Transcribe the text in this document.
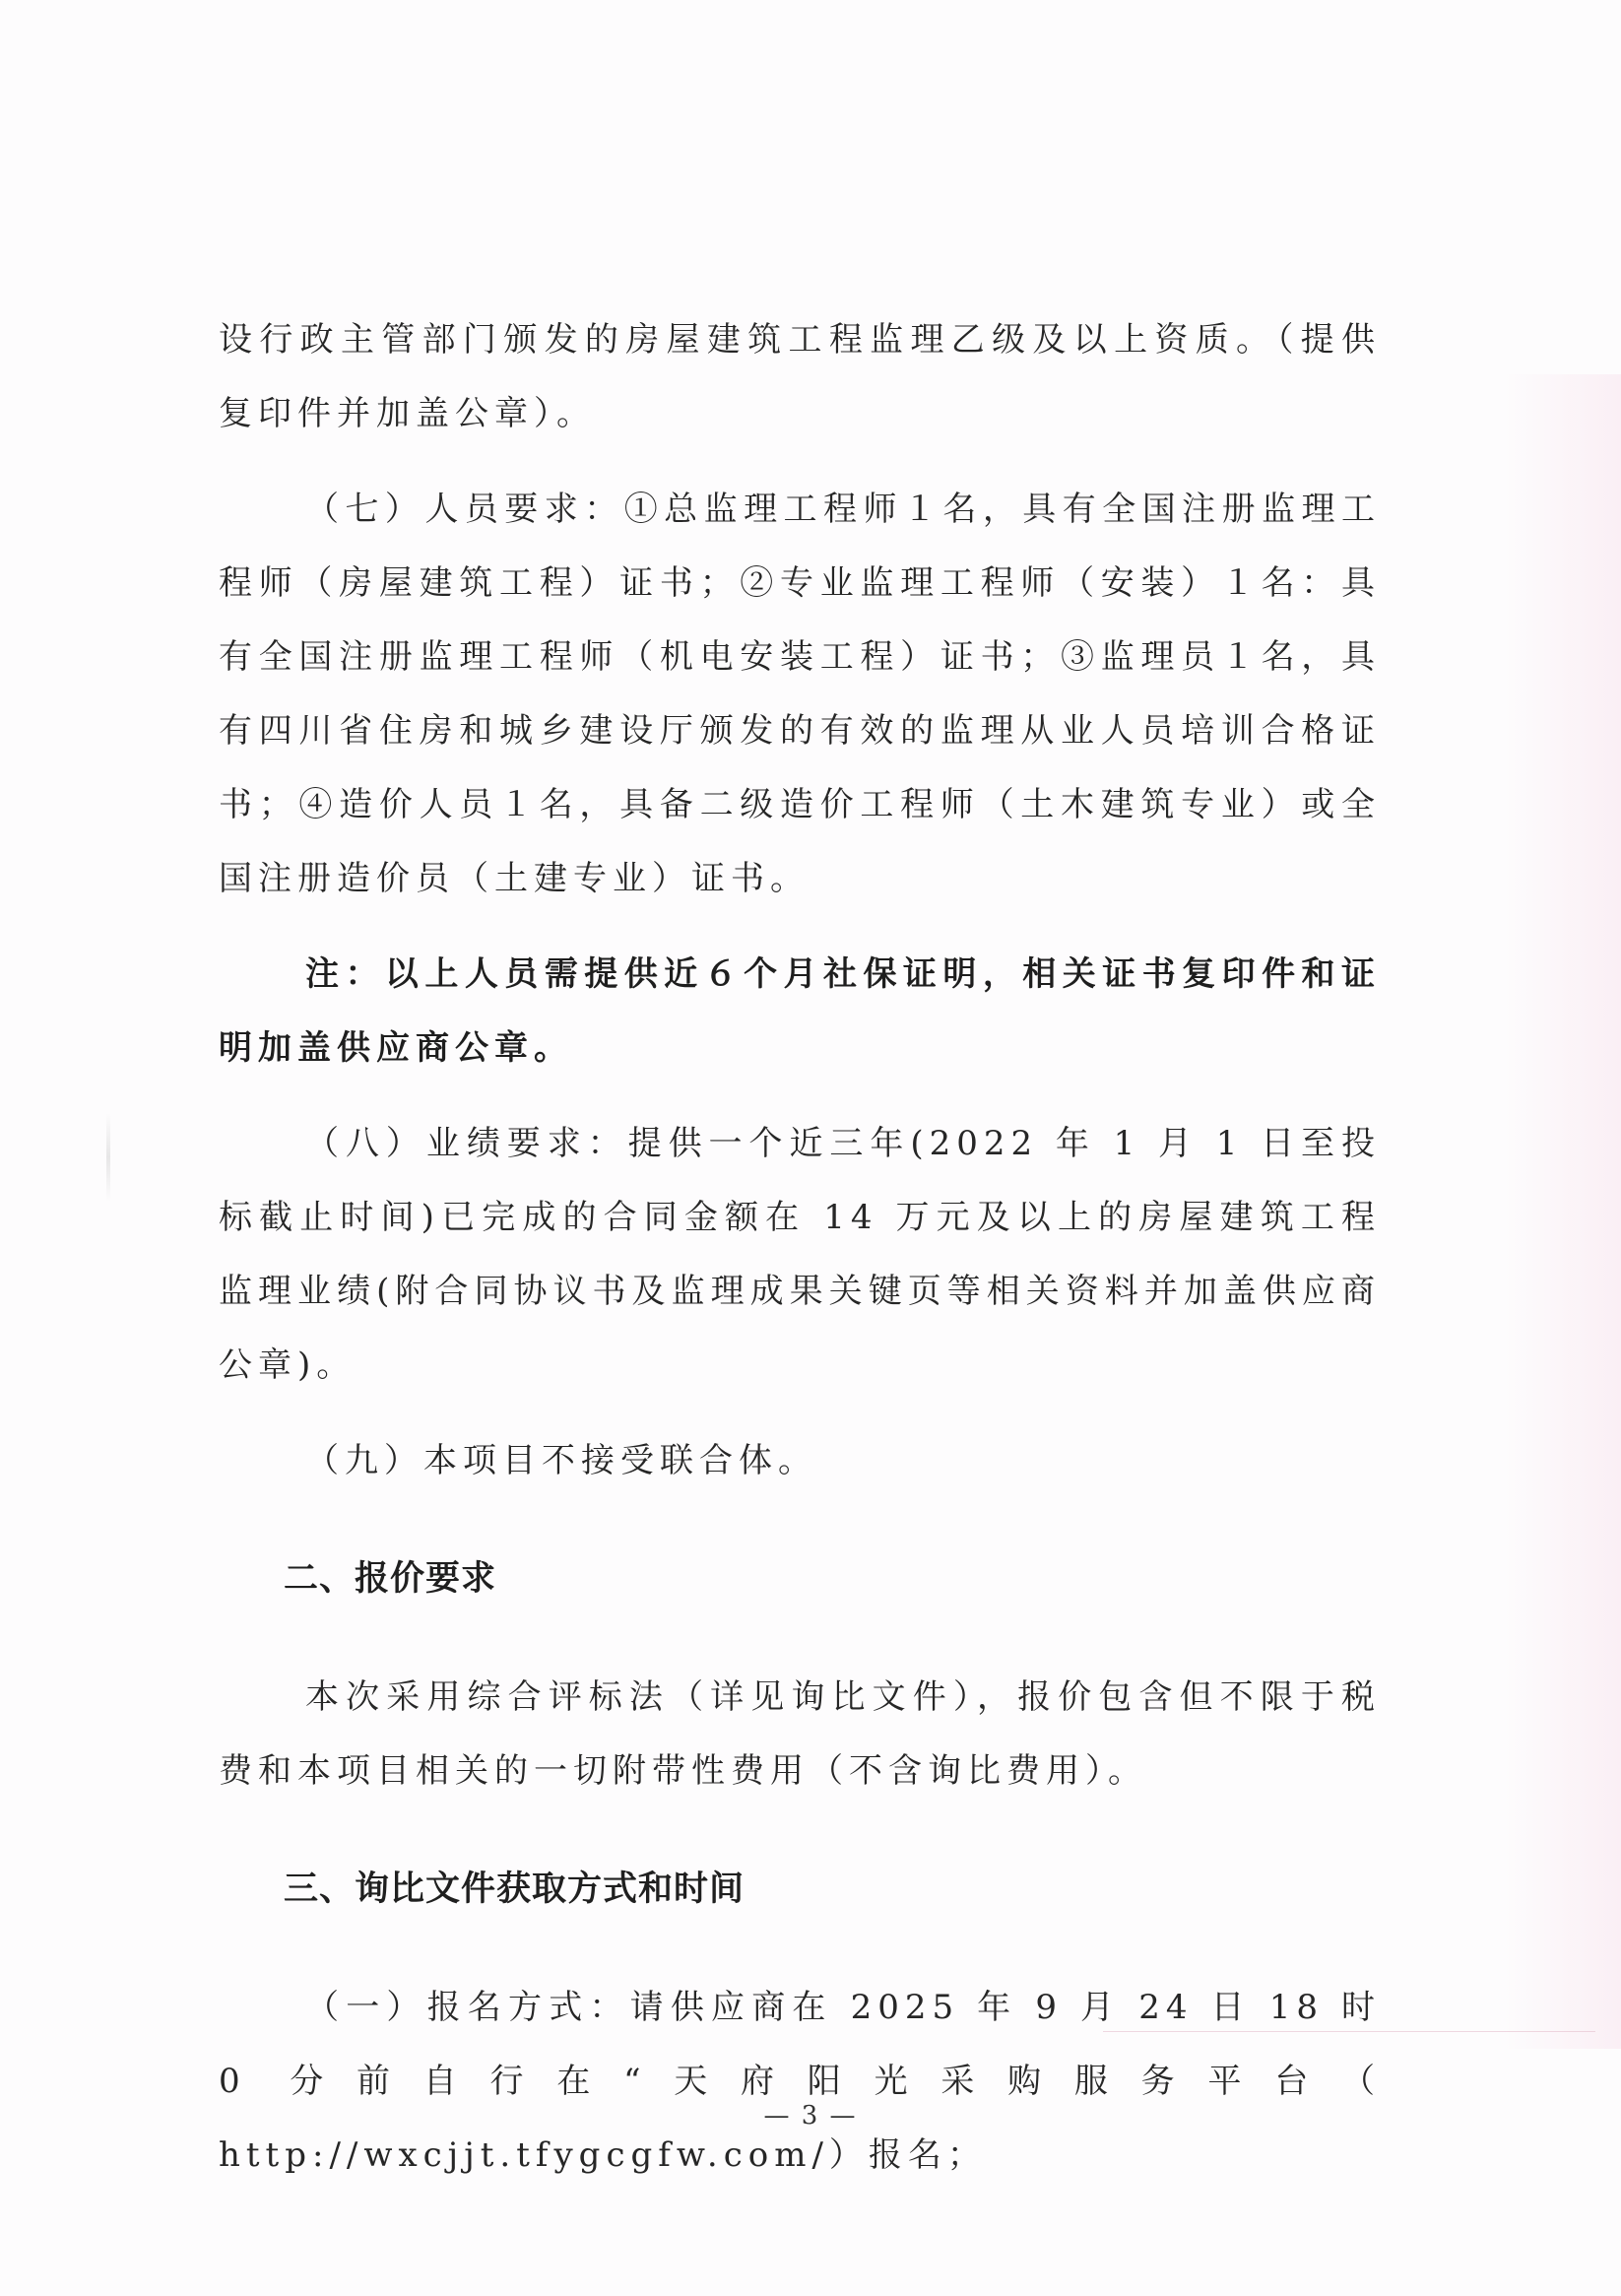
设行政主管部门颁发的房屋建筑工程监理乙级及以上资质。（提供复印件并加盖公章）。

（七）人员要求：①总监理工程师１名，具有全国注册监理工程师（房屋建筑工程）证书；②专业监理工程师（安装）１名：具有全国注册监理工程师（机电安装工程）证书；③监理员１名，具有四川省住房和城乡建设厅颁发的有效的监理从业人员培训合格证书；④造价人员１名，具备二级造价工程师（土木建筑专业）或全国注册造价员（土建专业）证书。

注：以上人员需提供近６个月社保证明，相关证书复印件和证明加盖供应商公章。

（八）业绩要求：提供一个近三年(2022 年 1 月 1 日至投标截止时间)已完成的合同金额在 14 万元及以上的房屋建筑工程监理业绩(附合同协议书及监理成果关键页等相关资料并加盖供应商公章)。

（九）本项目不接受联合体。

二、报价要求

本次采用综合评标法（详见询比文件），报价包含但不限于税费和本项目相关的一切附带性费用（不含询比费用）。

三、询比文件获取方式和时间

（一）报名方式：请供应商在 2025 年 9 月 24 日 18 时 0 分前自行在“天府阳光采购服务平台（ http://wxcjjt.tfygcgfw.com/）报名；

— 3 —
